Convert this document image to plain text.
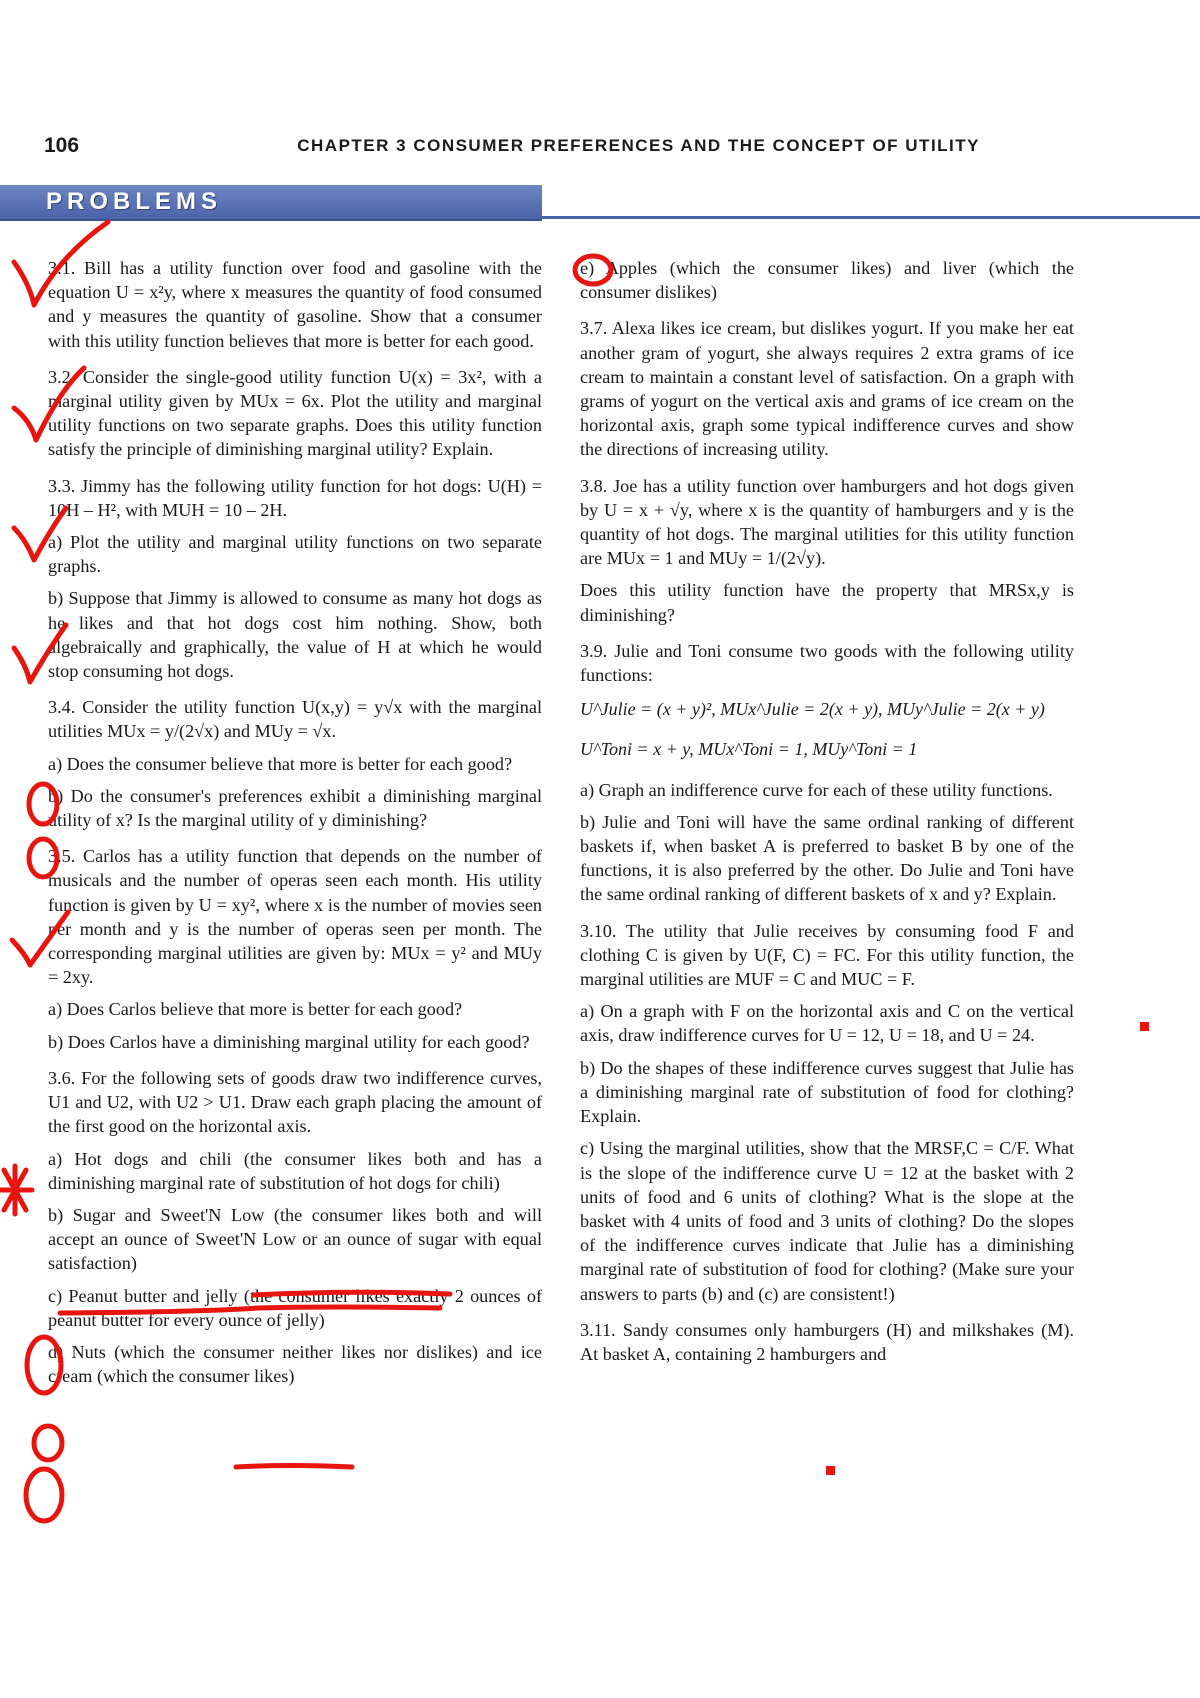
106	CHAPTER 3 CONSUMER PREFERENCES AND THE CONCEPT OF UTILITY
PROBLEMS

3.1. Bill has a utility function over food and gasoline with the equation U = x²y, where x measures the quantity of food consumed and y measures the quantity of gasoline. Show that a consumer with this utility function believes that more is better for each good.

3.2. Consider the single-good utility function U(x) = 3x², with a marginal utility given by MUx = 6x. Plot the utility and marginal utility functions on two separate graphs. Does this utility function satisfy the principle of diminishing marginal utility? Explain.

3.3. Jimmy has the following utility function for hot dogs: U(H) = 10H – H², with MUH = 10 – 2H.

a) Plot the utility and marginal utility functions on two separate graphs.

b) Suppose that Jimmy is allowed to consume as many hot dogs as he likes and that hot dogs cost him nothing. Show, both algebraically and graphically, the value of H at which he would stop consuming hot dogs.

3.4. Consider the utility function U(x,y) = y√x with the marginal utilities MUx = y/(2√x) and MUy = √x.

a) Does the consumer believe that more is better for each good?

b) Do the consumer's preferences exhibit a diminishing marginal utility of x? Is the marginal utility of y diminishing?

3.5. Carlos has a utility function that depends on the number of musicals and the number of operas seen each month. His utility function is given by U = xy², where x is the number of movies seen per month and y is the number of operas seen per month. The corresponding marginal utilities are given by: MUx = y² and MUy = 2xy.

a) Does Carlos believe that more is better for each good?

b) Does Carlos have a diminishing marginal utility for each good?

3.6. For the following sets of goods draw two indifference curves, U1 and U2, with U2 > U1. Draw each graph placing the amount of the first good on the horizontal axis.

a) Hot dogs and chili (the consumer likes both and has a diminishing marginal rate of substitution of hot dogs for chili)

b) Sugar and Sweet'N Low (the consumer likes both and will accept an ounce of Sweet'N Low or an ounce of sugar with equal satisfaction)

c) Peanut butter and jelly (the consumer likes exactly 2 ounces of peanut butter for every ounce of jelly)

d) Nuts (which the consumer neither likes nor dislikes) and ice cream (which the consumer likes)

e) Apples (which the consumer likes) and liver (which the consumer dislikes)

3.7. Alexa likes ice cream, but dislikes yogurt. If you make her eat another gram of yogurt, she always requires 2 extra grams of ice cream to maintain a constant level of satisfaction. On a graph with grams of yogurt on the vertical axis and grams of ice cream on the horizontal axis, graph some typical indifference curves and show the directions of increasing utility.

3.8. Joe has a utility function over hamburgers and hot dogs given by U = x + √y, where x is the quantity of hamburgers and y is the quantity of hot dogs. The marginal utilities for this utility function are MUx = 1 and MUy = 1/(2√y).

Does this utility function have the property that MRSx,y is diminishing?

3.9. Julie and Toni consume two goods with the following utility functions:

U^Julie = (x + y)², MUx^Julie = 2(x + y), MUy^Julie = 2(x + y)

U^Toni = x + y, MUx^Toni = 1, MUy^Toni = 1

a) Graph an indifference curve for each of these utility functions.

b) Julie and Toni will have the same ordinal ranking of different baskets if, when basket A is preferred to basket B by one of the functions, it is also preferred by the other. Do Julie and Toni have the same ordinal ranking of different baskets of x and y? Explain.

3.10. The utility that Julie receives by consuming food F and clothing C is given by U(F, C) = FC. For this utility function, the marginal utilities are MUF = C and MUC = F.

a) On a graph with F on the horizontal axis and C on the vertical axis, draw indifference curves for U = 12, U = 18, and U = 24.

b) Do the shapes of these indifference curves suggest that Julie has a diminishing marginal rate of substitution of food for clothing? Explain.

c) Using the marginal utilities, show that the MRSF,C = C/F. What is the slope of the indifference curve U = 12 at the basket with 2 units of food and 6 units of clothing? What is the slope at the basket with 4 units of food and 3 units of clothing? Do the slopes of the indifference curves indicate that Julie has a diminishing marginal rate of substitution of food for clothing? (Make sure your answers to parts (b) and (c) are consistent!)

3.11. Sandy consumes only hamburgers (H) and milkshakes (M). At basket A, containing 2 hamburgers and
